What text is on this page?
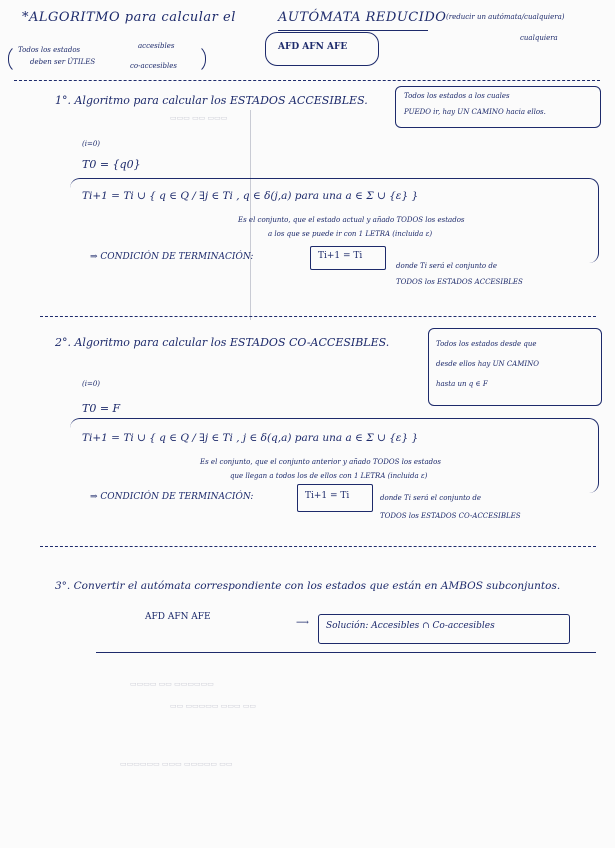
*ALGORITMO para calcular el	AUTÓMATA REDUCIDO (reducir un autómata/cualquiera)
cualquiera
Todos los estados
deben ser ÚTILES
accesibles
co-accesibles
AFD AFN AFE
1°. Algoritmo para calcular los ESTADOS ACCESIBLES.	Todos los estados a los cuales
PUEDO ir, hay UN CAMINO hacia ellos.
▭▭▭ ▭▭ ▭▭▭
(i=0)
T0 = {q0}
Ti+1 = Ti ∪ { q ∈ Q / ∃j ∈ Ti , q ∈ δ(j,a) para una a ∈ Σ ∪ {ε} }
Es el conjunto, que el estado actual y añado TODOS los estados
a los que se puede ir con 1 LETRA (incluida ε)
⇒ CONDICIÓN DE TERMINACIÓN:	Ti+1 = Ti
donde Ti será el conjunto de
TODOS los ESTADOS ACCESIBLES
2°. Algoritmo para calcular los ESTADOS CO-ACCESIBLES.	Todos los estados desde que
desde ellos hay UN CAMINO
hasta un q ∈ F
(i=0)
T0 = F
Ti+1 = Ti ∪ { q ∈ Q / ∃j ∈ Ti , j ∈ δ(q,a) para una a ∈ Σ ∪ {ε} }
Es el conjunto, que el conjunto anterior y añado TODOS los estados
que llegan a todos los de ellos con 1 LETRA (incluida ε)
⇒ CONDICIÓN DE TERMINACIÓN:	Ti+1 = Ti	donde Ti será el conjunto de
TODOS los ESTADOS CO-ACCESIBLES
3°. Convertir el autómata correspondiente con los estados que están en AMBOS subconjuntos.
AFD AFN AFE
⟶ Solución: Accesibles ∩ Co-accesibles
▭▭▭▭ ▭▭ ▭▭▭▭▭▭
▭▭ ▭▭▭▭▭ ▭▭▭ ▭▭
▭▭▭▭▭▭ ▭▭▭ ▭▭▭▭▭ ▭▭
